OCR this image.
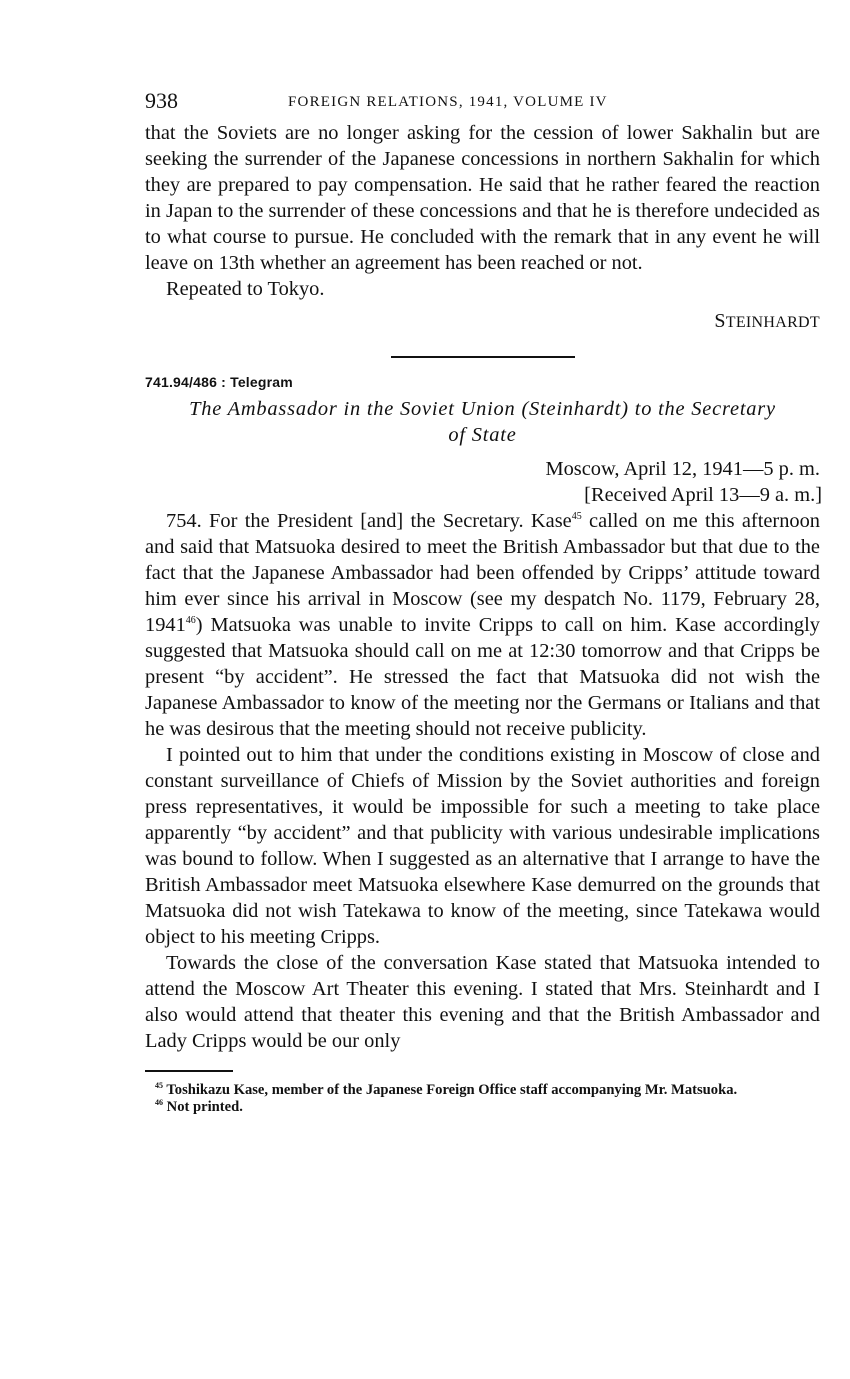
938	FOREIGN RELATIONS, 1941, VOLUME IV

that the Soviets are no longer asking for the cession of lower Sakhalin but are seeking the surrender of the Japanese concessions in northern Sakhalin for which they are prepared to pay compensation. He said that he rather feared the reaction in Japan to the surrender of these concessions and that he is therefore undecided as to what course to pursue. He concluded with the remark that in any event he will leave on 13th whether an agreement has been reached or not.

Repeated to Tokyo.

STEINHARDT
741.94/486 : Telegram
The Ambassador in the Soviet Union (Steinhardt) to the Secretary
of State
Moscow, April 12, 1941—5 p. m.
[Received April 13—9 a. m.]

754. For the President [and] the Secretary. Kase$^{45}$ called on me this afternoon and said that Matsuoka desired to meet the British Ambassador but that due to the fact that the Japanese Ambassador had been offended by Cripps’ attitude toward him ever since his arrival in Moscow (see my despatch No. 1179, February 28, 1941$^{46}$) Matsuoka was unable to invite Cripps to call on him. Kase accordingly suggested that Matsuoka should call on me at 12:30 tomorrow and that Cripps be present “by accident”. He stressed the fact that Matsuoka did not wish the Japanese Ambassador to know of the meeting nor the Germans or Italians and that he was desirous that the meeting should not receive publicity.

I pointed out to him that under the conditions existing in Moscow of close and constant surveillance of Chiefs of Mission by the Soviet authorities and foreign press representatives, it would be impossible for such a meeting to take place apparently “by accident” and that publicity with various undesirable implications was bound to follow. When I suggested as an alternative that I arrange to have the British Ambassador meet Matsuoka elsewhere Kase demurred on the grounds that Matsuoka did not wish Tatekawa to know of the meeting, since Tatekawa would object to his meeting Cripps.

Towards the close of the conversation Kase stated that Matsuoka intended to attend the Moscow Art Theater this evening. I stated that Mrs. Steinhardt and I also would attend that theater this evening and that the British Ambassador and Lady Cripps would be our only

$^{45}$ Toshikazu Kase, member of the Japanese Foreign Office staff accompanying Mr. Matsuoka.

$^{46}$ Not printed.
